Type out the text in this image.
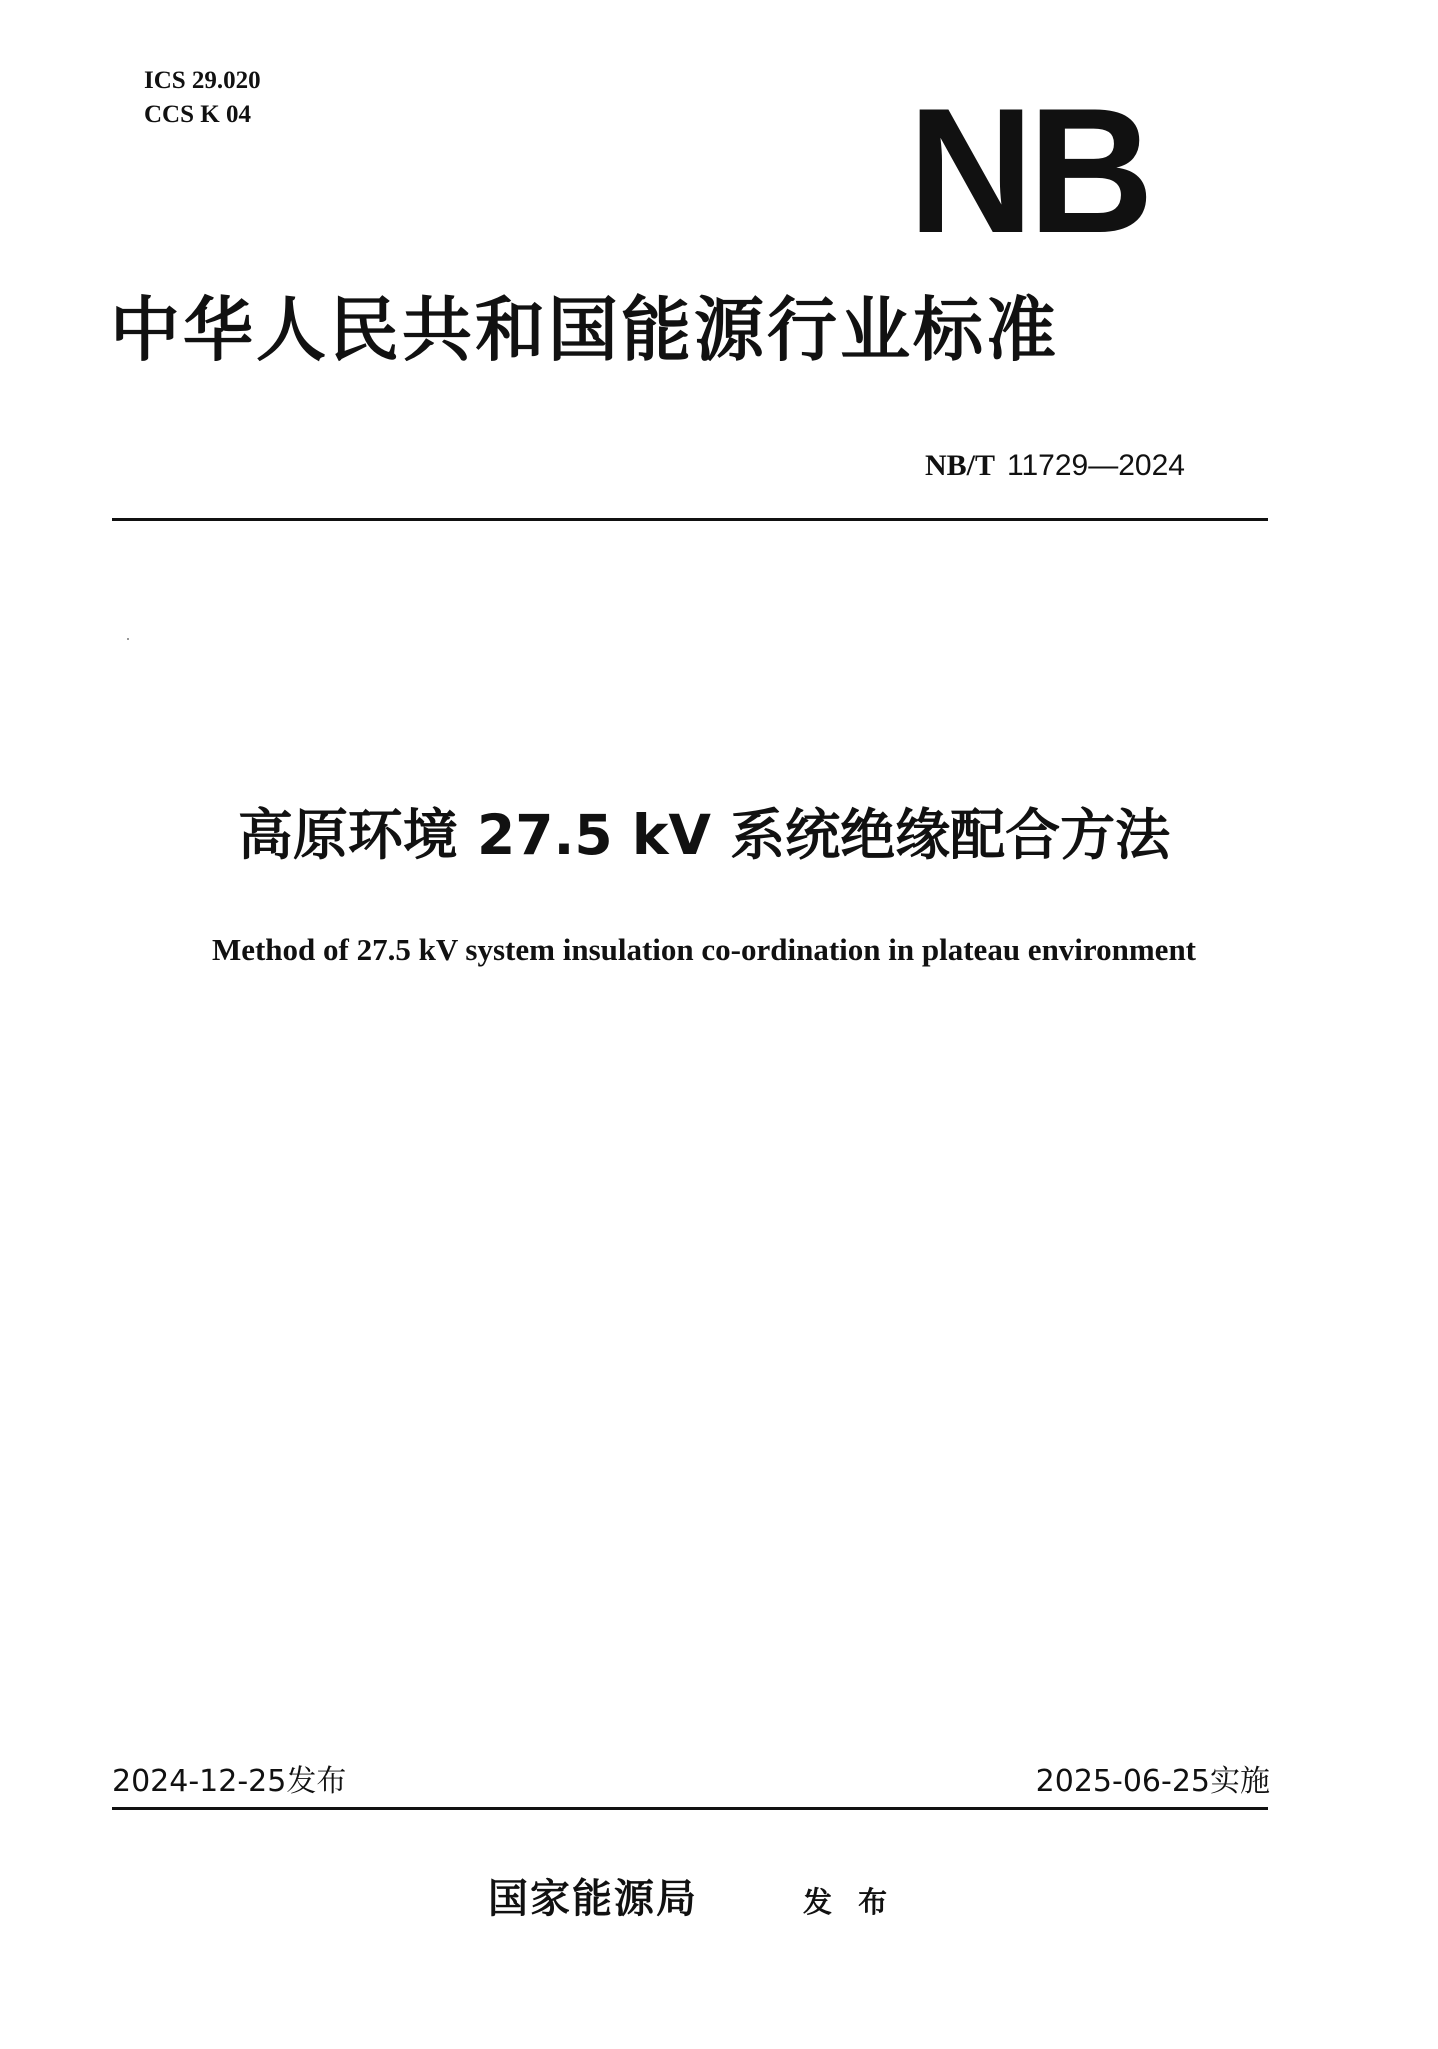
ICS 29.020
CCS K 04	NB
中华人民共和国能源行业标准
NB/T 11729—2024
高原环境 27.5 kV 系统绝缘配合方法
Method of 27.5 kV system insulation co-ordination in plateau environment
2024-12-25发布	2025-06-25实施
国家能源局	发 布
